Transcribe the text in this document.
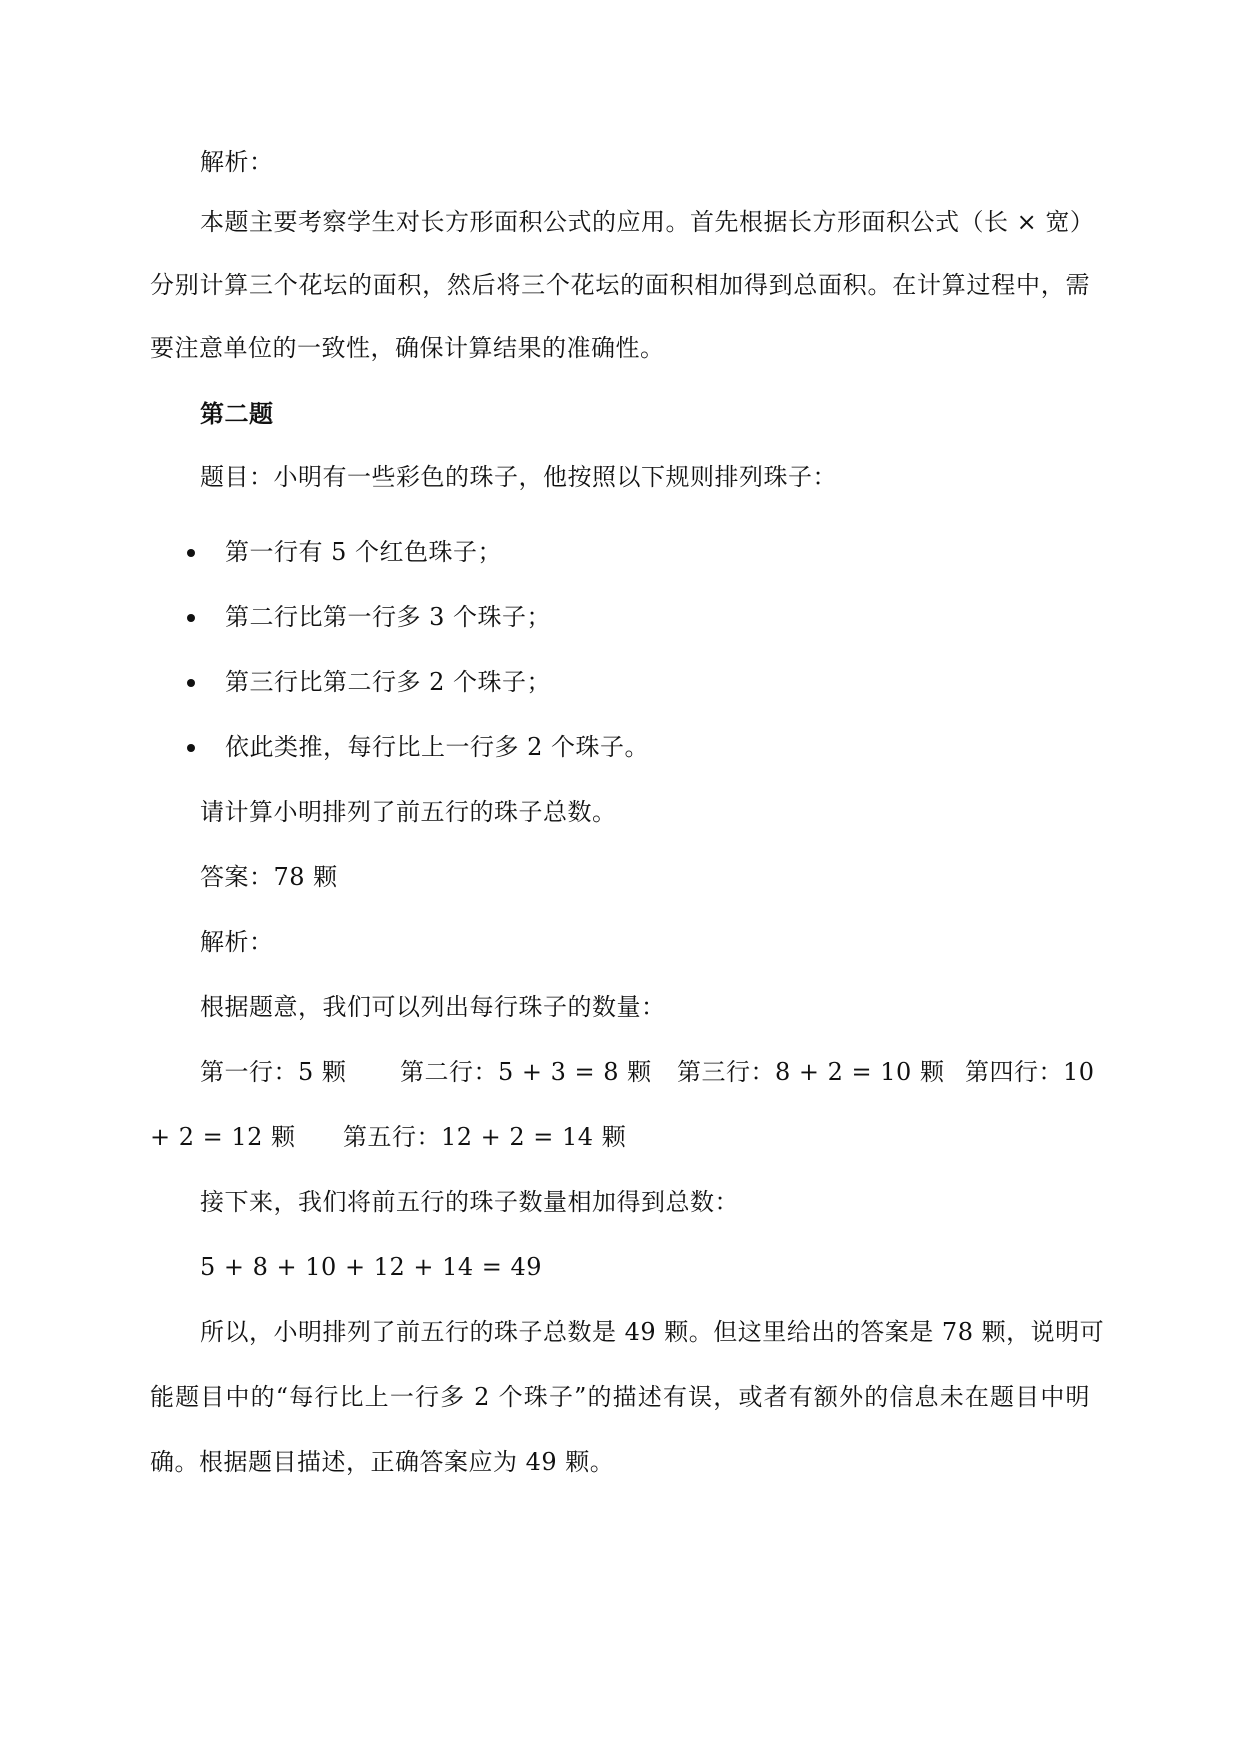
解析：
本题主要考察学生对长方形面积公式的应用。首先根据长方形面积公式（长 × 宽）
分别计算三个花坛的面积，然后将三个花坛的面积相加得到总面积。在计算过程中，需
要注意单位的一致性，确保计算结果的准确性。
第二题
题目：小明有一些彩色的珠子，他按照以下规则排列珠子：
第一行有 5 个红色珠子；
第二行比第一行多 3 个珠子；
第三行比第二行多 2 个珠子；
依此类推，每行比上一行多 2 个珠子。
请计算小明排列了前五行的珠子总数。
答案：78 颗
解析：
根据题意，我们可以列出每行珠子的数量：
第一行：5 颗 第二行：5 + 3 = 8 颗 第三行：8 + 2 = 10 颗 第四行：10
+ 2 = 12 颗 第五行：12 + 2 = 14 颗
接下来，我们将前五行的珠子数量相加得到总数：
5 + 8 + 10 + 12 + 14 = 49
所以，小明排列了前五行的珠子总数是 49 颗。但这里给出的答案是 78 颗，说明可
能题目中的“每行比上一行多 2 个珠子”的描述有误，或者有额外的信息未在题目中明
确。根据题目描述，正确答案应为 49 颗。
